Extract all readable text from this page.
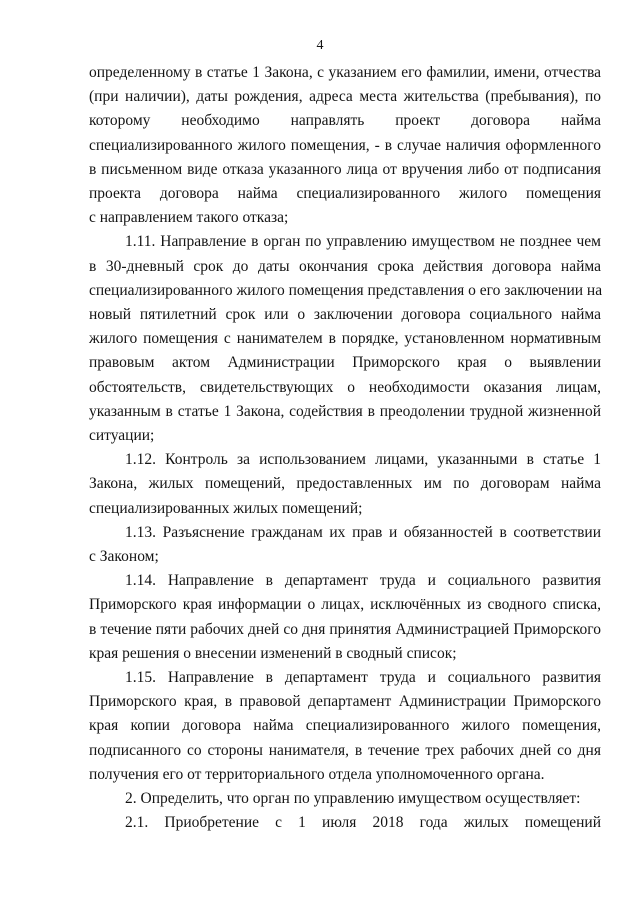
4
определенному в статье 1 Закона, с указанием его фамилии, имени, отчества
(при наличии), даты рождения, адреса места жительства (пребывания), по
которому необходимо направлять проект договора найма
специализированного жилого помещения, - в случае наличия оформленного
в письменном виде отказа указанного лица от вручения либо от подписания
проекта договора найма специализированного жилого помещения
с направлением такого отказа;
1.11. Направление в орган по управлению имуществом не позднее чем
в 30-дневный срок до даты окончания срока действия договора найма
специализированного жилого помещения представления о его заключении на
новый пятилетний срок или о заключении договора социального найма
жилого помещения с нанимателем в порядке, установленном нормативным
правовым актом Администрации Приморского края о выявлении
обстоятельств, свидетельствующих о необходимости оказания лицам,
указанным в статье 1 Закона, содействия в преодолении трудной жизненной
ситуации;
1.12. Контроль за использованием лицами, указанными в статье 1
Закона, жилых помещений, предоставленных им по договорам найма
специализированных жилых помещений;
1.13. Разъяснение гражданам их прав и обязанностей в соответствии
с Законом;
1.14. Направление в департамент труда и социального развития
Приморского края информации о лицах, исключённых из сводного списка,
в течение пяти рабочих дней со дня принятия Администрацией Приморского
края решения о внесении изменений в сводный список;
1.15. Направление в департамент труда и социального развития
Приморского края, в правовой департамент Администрации Приморского
края копии договора найма специализированного жилого помещения,
подписанного со стороны нанимателя, в течение трех рабочих дней со дня
получения его от территориального отдела уполномоченного органа.
2. Определить, что орган по управлению имуществом осуществляет:
2.1. Приобретение с 1 июля 2018 года жилых помещений
